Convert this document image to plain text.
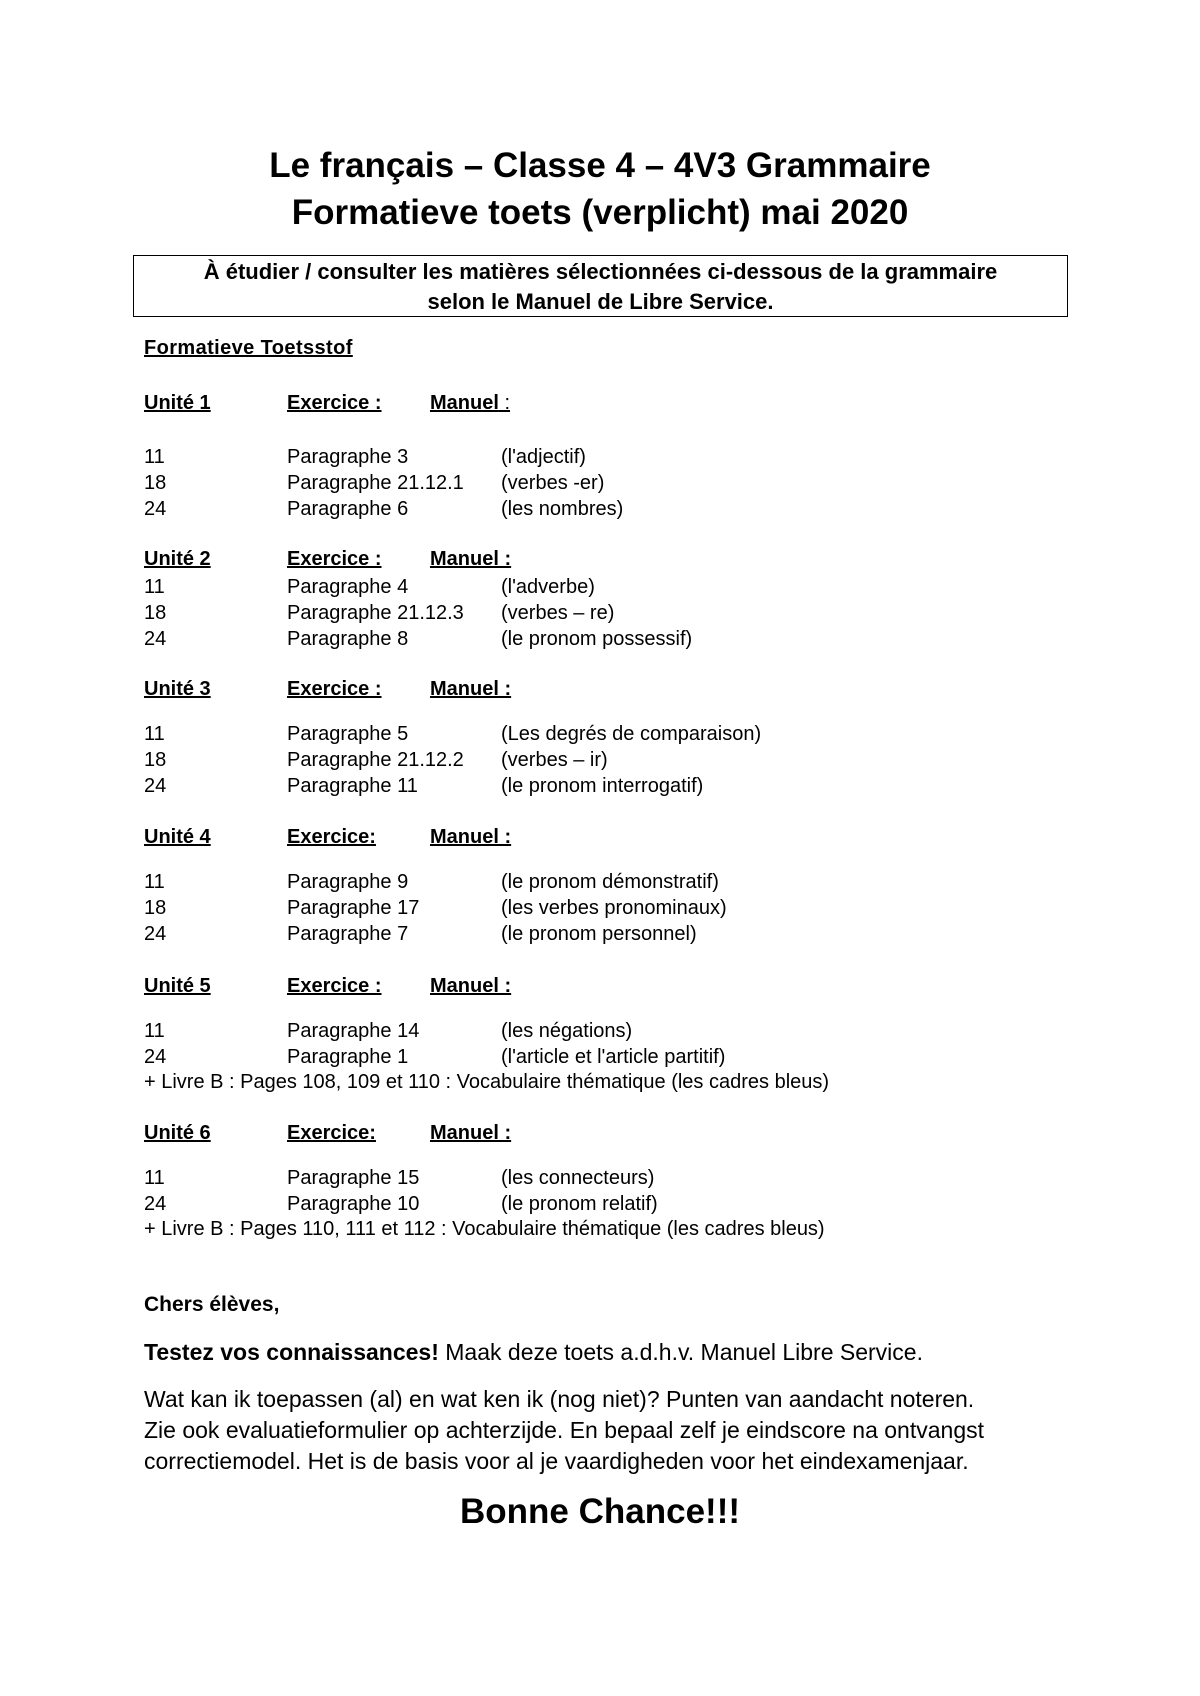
Le français – Classe 4 – 4V3 Grammaire
Formatieve toets (verplicht) mai 2020
À étudier / consulter les matières sélectionnées ci-dessous de la grammaire
selon le Manuel de Libre Service.
Formatieve Toetsstof
Unité 1	Exercice :	Manuel :
11	Paragraphe 3	(l'adjectif)
18	Paragraphe 21.12.1 (verbes -er)
24	Paragraphe 6	(les nombres)
Unité 2	Exercice :	Manuel :
11	Paragraphe 4	(l'adverbe)
18	Paragraphe 21.12.3 (verbes – re)
24	Paragraphe 8	(le pronom possessif)
Unité 3	Exercice :	Manuel :
11	Paragraphe 5	(Les degrés de comparaison)
18	Paragraphe 21.12.2 (verbes – ir)
24	Paragraphe 11	(le pronom interrogatif)
Unité 4	Exercice:	Manuel :
11	Paragraphe 9	(le pronom démonstratif)
18	Paragraphe 17	(les verbes pronominaux)
24	Paragraphe 7	(le pronom personnel)
Unité 5	Exercice :	Manuel :
11	Paragraphe 14	(les négations)
24	Paragraphe 1	(l'article et l'article partitif)
+ Livre B : Pages 108, 109 et 110 : Vocabulaire thématique (les cadres bleus)
Unité 6	Exercice:	Manuel :
11	Paragraphe 15	(les connecteurs)
24	Paragraphe 10	(le pronom relatif)
+ Livre B : Pages 110, 111 et 112 : Vocabulaire thématique (les cadres bleus)
Chers élèves,
Testez vos connaissances! Maak deze toets a.d.h.v. Manuel Libre Service.
Wat kan ik toepassen (al) en wat ken ik (nog niet)? Punten van aandacht noteren.
Zie ook evaluatieformulier op achterzijde. En bepaal zelf je eindscore na ontvangst
correctiemodel. Het is de basis voor al je vaardigheden voor het eindexamenjaar.
Bonne Chance!!!
